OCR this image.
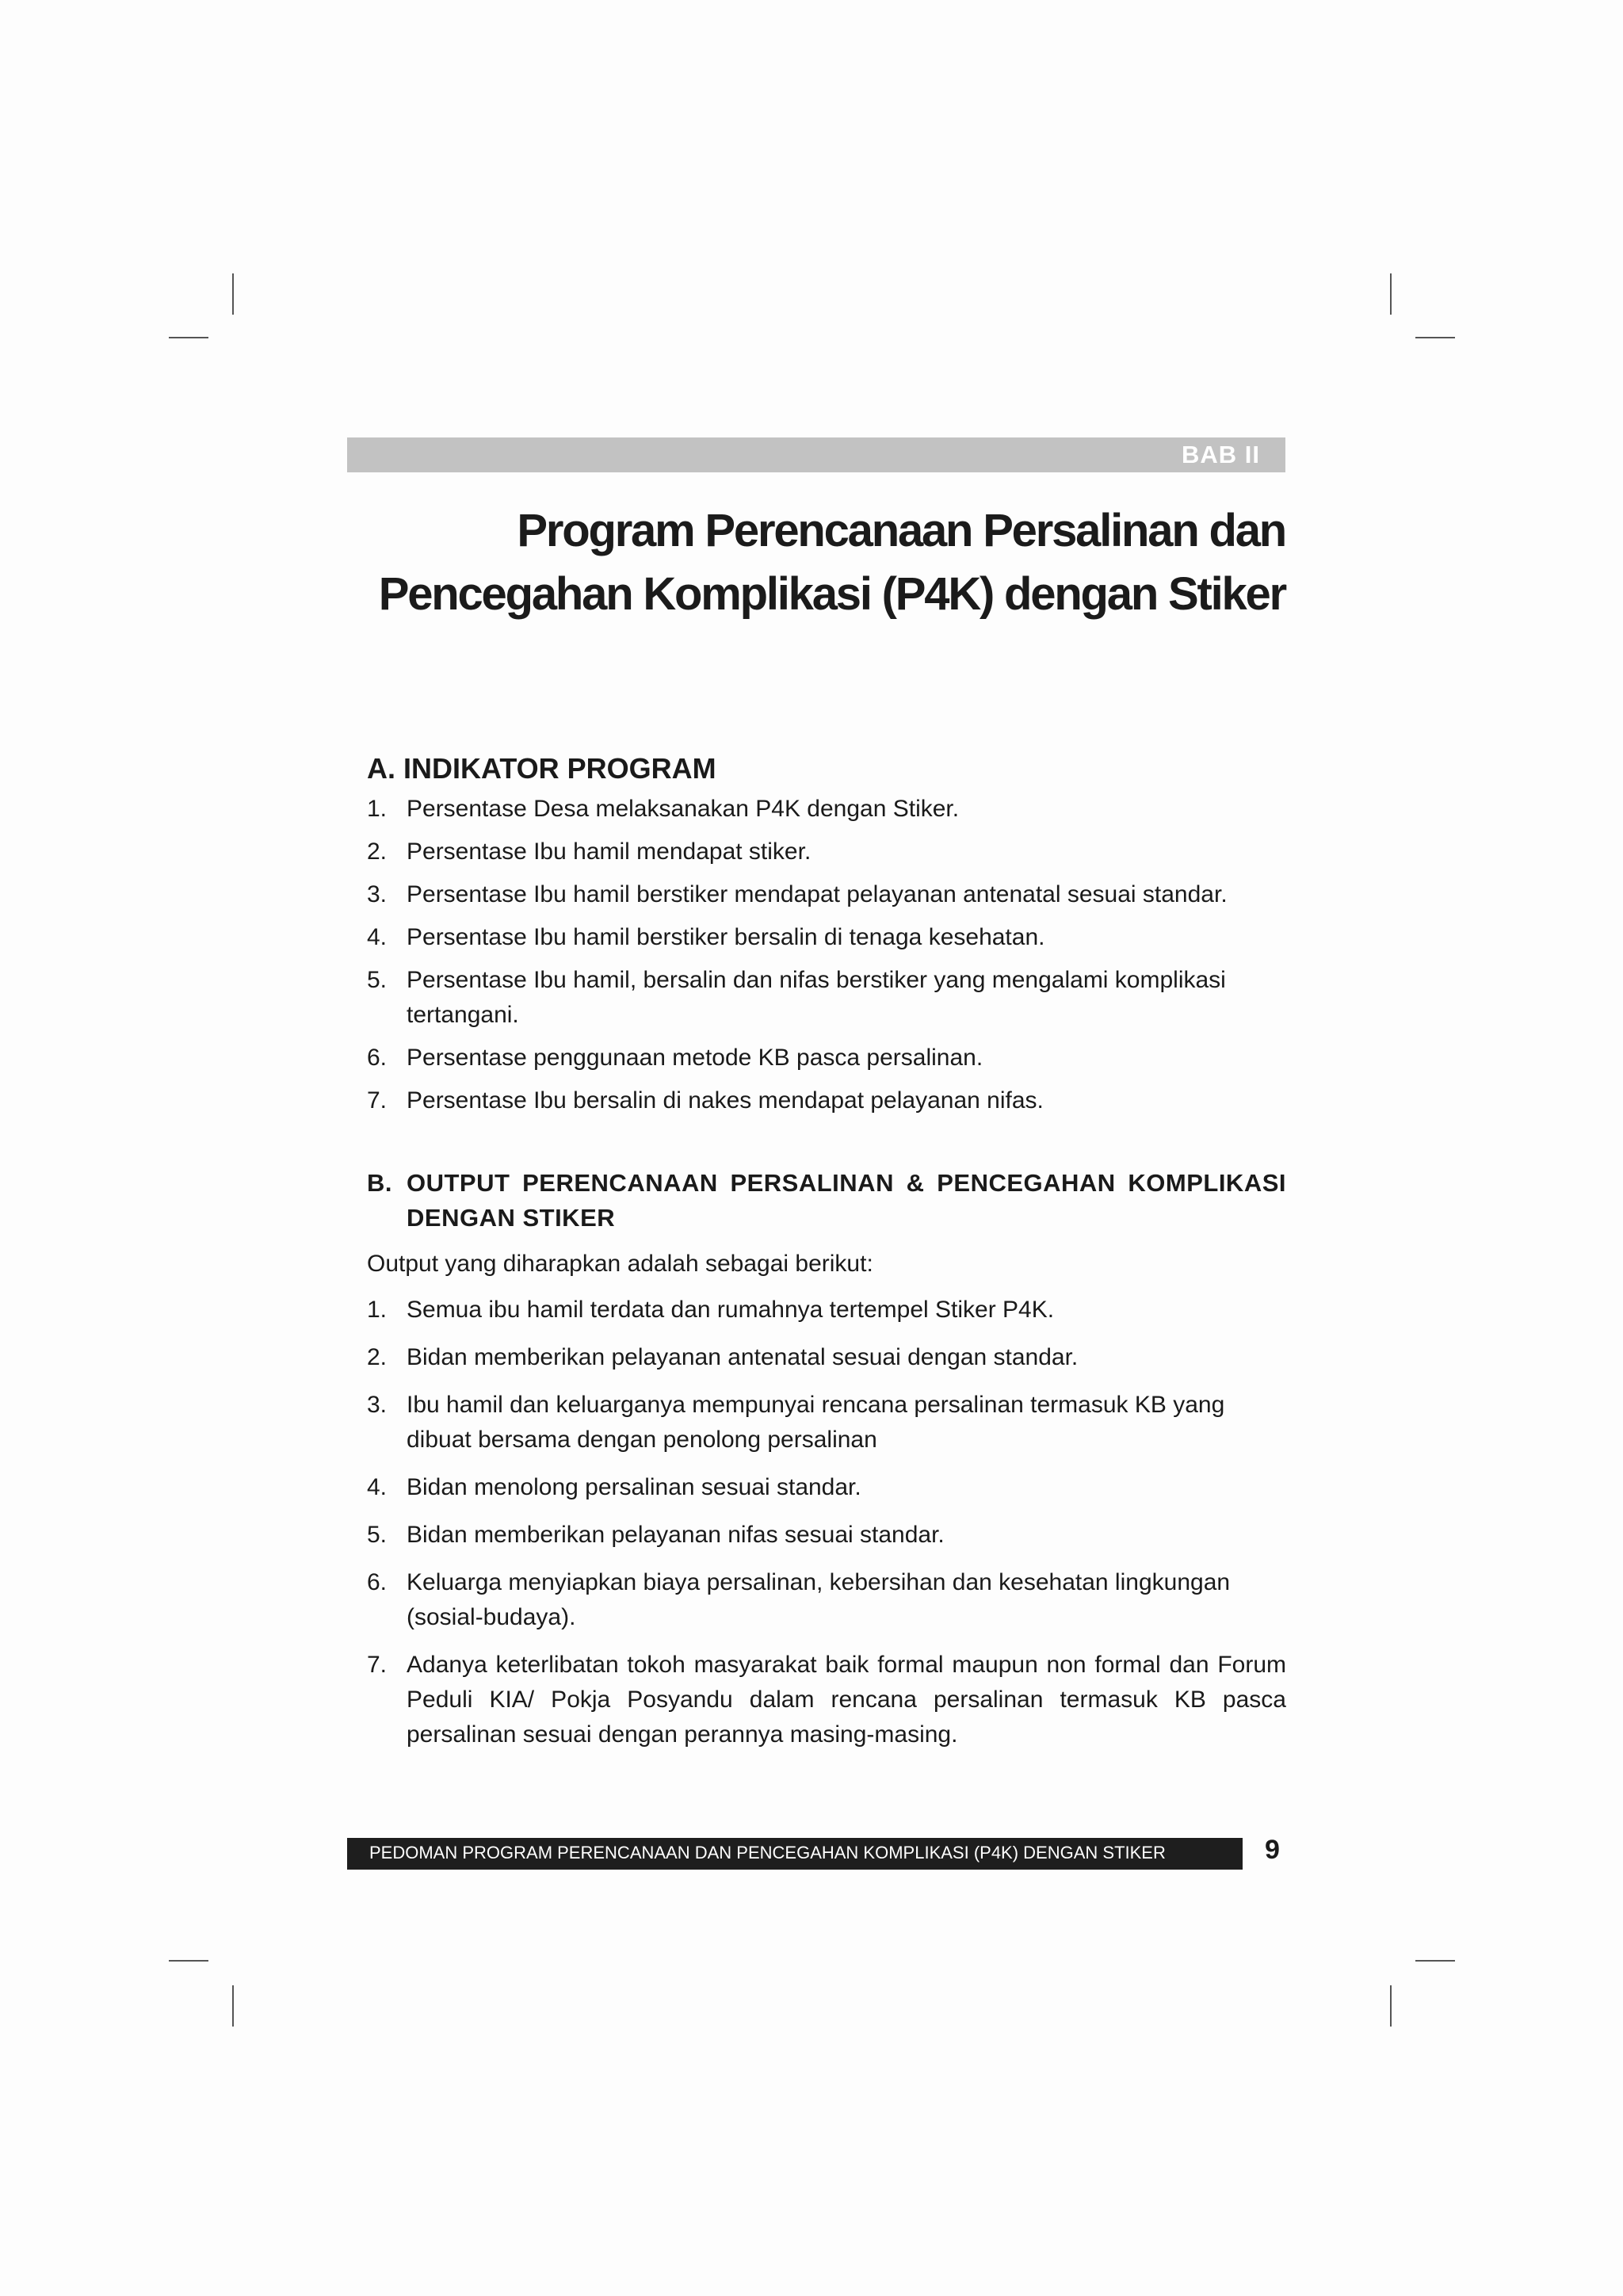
BAB II
Program Perencanaan Persalinan dan
Pencegahan Komplikasi (P4K) dengan Stiker
A. INDIKATOR PROGRAM
1. Persentase Desa melaksanakan P4K dengan Stiker.
2. Persentase Ibu hamil mendapat stiker.
3. Persentase Ibu hamil berstiker mendapat pelayanan antenatal sesuai standar.
4. Persentase Ibu hamil berstiker bersalin di tenaga kesehatan.
5. Persentase Ibu hamil, bersalin dan nifas berstiker yang mengalami komplikasi tertangani.
6. Persentase penggunaan metode KB pasca persalinan.
7. Persentase Ibu bersalin di nakes mendapat pelayanan nifas.
B. OUTPUT PERENCANAAN PERSALINAN & PENCEGAHAN KOMPLIKASI DENGAN STIKER
Output yang diharapkan adalah sebagai berikut:
1. Semua ibu hamil terdata dan rumahnya tertempel Stiker P4K.
2. Bidan memberikan pelayanan antenatal sesuai dengan standar.
3. Ibu hamil dan keluarganya mempunyai rencana persalinan termasuk KB yang dibuat bersama dengan penolong persalinan
4. Bidan menolong persalinan sesuai standar.
5. Bidan memberikan pelayanan nifas sesuai standar.
6. Keluarga menyiapkan biaya persalinan, kebersihan dan kesehatan lingkungan (sosial-budaya).
7. Adanya keterlibatan tokoh masyarakat baik formal maupun non formal dan Forum Peduli KIA/ Pokja Posyandu dalam rencana persalinan termasuk KB pasca persalinan sesuai dengan perannya masing-masing.
PEDOMAN PROGRAM PERENCANAAN DAN PENCEGAHAN KOMPLIKASI (P4K) DENGAN STIKER	9
